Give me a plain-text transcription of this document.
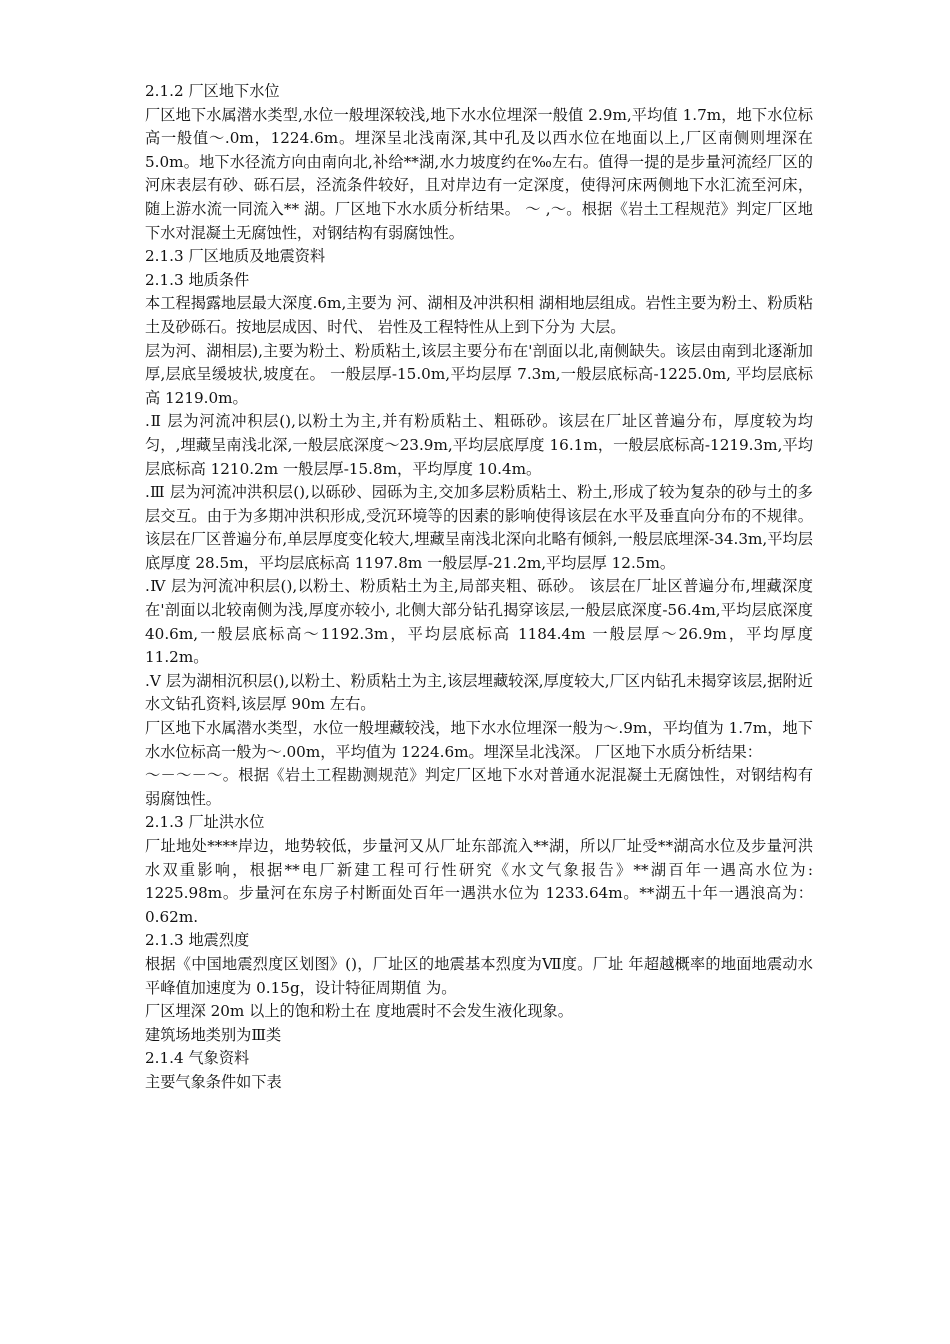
2.1.2 厂区地下水位

厂区地下水属潜水类型,水位一般埋深较浅,地下水水位埋深一般值 2.9m,平均值 1.7m，地下水位标高一般值～.0m，1224.6m。埋深呈北浅南深,其中孔及以西水位在地面以上,厂区南侧则埋深在 5.0m。地下水径流方向由南向北,补给**湖,水力坡度约在‰左右。值得一提的是步量河流经厂区的河床表层有砂、砾石层，泾流条件较好，且对岸边有一定深度，使得河床两侧地下水汇流至河床，随上游水流一同流入** 湖。厂区地下水水质分析结果。 ～ ,～。根据《岩土工程规范》判定厂区地下水对混凝土无腐蚀性，对钢结构有弱腐蚀性。

2.1.3 厂区地质及地震资料

2.1.3 地质条件

本工程揭露地层最大深度.6m,主要为 河、湖相及冲洪积相 湖相地层组成。岩性主要为粉土、粉质粘土及砂砾石。按地层成因、时代、 岩性及工程特性从上到下分为 大层。

层为河、湖相层),主要为粉土、粉质粘土,该层主要分布在'剖面以北,南侧缺失。该层由南到北逐渐加厚,层底呈缓坡状,坡度在。 一般层厚-15.0m,平均层厚 7.3m,一般层底标高-1225.0m, 平均层底标高 1219.0m。

.Ⅱ 层为河流冲积层(),以粉土为主,并有粉质粘土、粗砾砂。该层在厂址区普遍分布，厚度较为均匀，,埋藏呈南浅北深,一般层底深度～23.9m,平均层底厚度 16.1m，一般层底标高-1219.3m,平均层底标高 1210.2m 一般层厚-15.8m，平均厚度 10.4m。

.Ⅲ 层为河流冲洪积层(),以砾砂、园砾为主,交加多层粉质粘土、粉土,形成了较为复杂的砂与土的多层交互。由于为多期冲洪积形成,受沉环境等的因素的影响使得该层在水平及垂直向分布的不规律。该层在厂区普遍分布,单层厚度变化较大,埋藏呈南浅北深向北略有倾斜,一般层底埋深-34.3m,平均层底厚度 28.5m，平均层底标高 1197.8m 一般层厚-21.2m,平均层厚 12.5m。

.Ⅳ 层为河流冲积层(),以粉土、粉质粘土为主,局部夹粗、砾砂。 该层在厂址区普遍分布,埋藏深度在'剖面以北较南侧为浅,厚度亦较小, 北侧大部分钻孔揭穿该层,一般层底深度-56.4m,平均层底深度 40.6m,一般层底标高～1192.3m，平均层底标高 1184.4m 一般层厚～26.9m，平均厚度 11.2m。

.Ⅴ 层为湖相沉积层(),以粉土、粉质粘土为主,该层埋藏较深,厚度较大,厂区内钻孔未揭穿该层,据附近水文钻孔资料,该层厚 90m 左右。

厂区地下水属潜水类型，水位一般埋藏较浅，地下水水位埋深一般为～.9m，平均值为 1.7m，地下水水位标高一般为～.00m，平均值为 1224.6m。埋深呈北浅深。 厂区地下水质分析结果：

～－～－～。根据《岩土工程勘测规范》判定厂区地下水对普通水泥混凝土无腐蚀性，对钢结构有弱腐蚀性。

2.1.3 厂址洪水位

厂址地处****岸边，地势较低，步量河又从厂址东部流入**湖，所以厂址受**湖高水位及步量河洪水双重影响，根据**电厂新建工程可行性研究《水文气象报告》**湖百年一遇高水位为: 1225.98m。步量河在东房子村断面处百年一遇洪水位为 1233.64m。**湖五十年一遇浪高为：0.62m.

2.1.3 地震烈度

根据《中国地震烈度区划图》()，厂址区的地震基本烈度为Ⅶ度。厂址 年超越概率的地面地震动水平峰值加速度为 0.15g，设计特征周期值 为。

厂区埋深 20m 以上的饱和粉土在 度地震时不会发生液化现象。

建筑场地类别为Ⅲ类

2.1.4 气象资料

主要气象条件如下表
